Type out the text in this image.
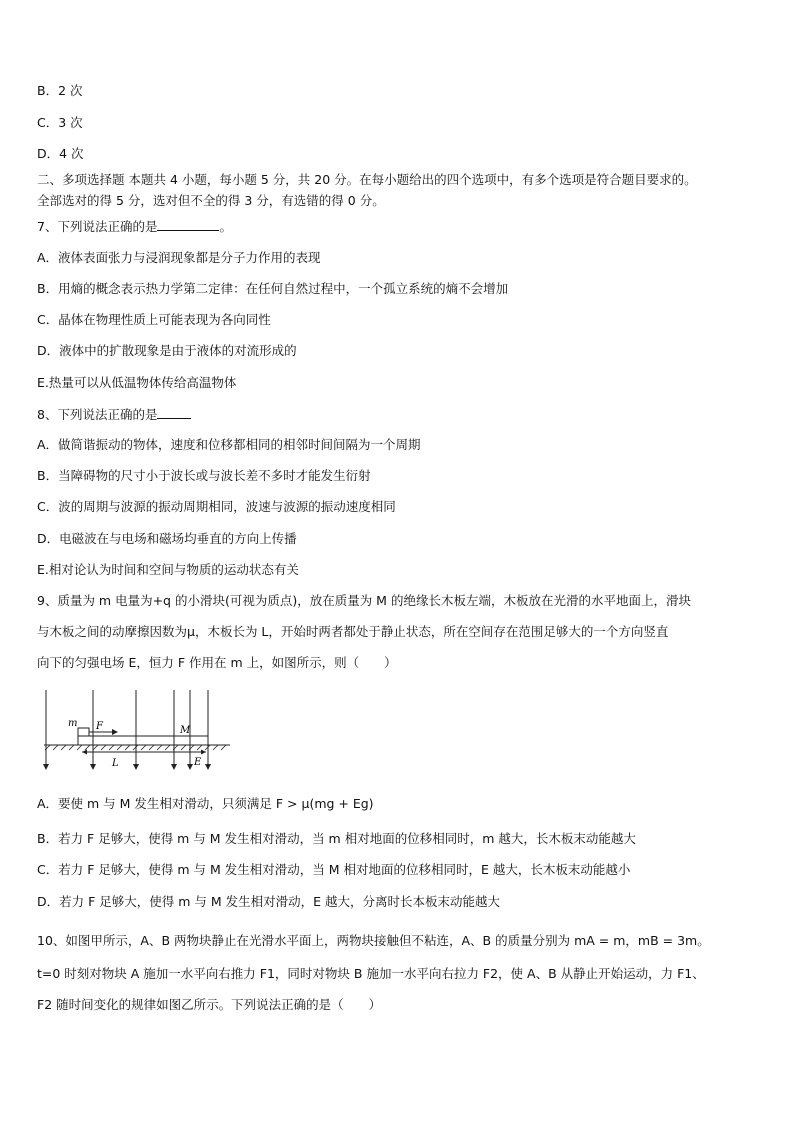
B．2 次
C．3 次
D．4 次
二、多项选择题 本题共 4 小题，每小题 5 分，共 20 分。在每小题给出的四个选项中，有多个选项是符合题目要求的。
全部选对的得 5 分，选对但不全的得 3 分，有选错的得 0 分。
7、下列说法正确的是	。
A．液体表面张力与浸润现象都是分子力作用的表现
B．用熵的概念表示热力学第二定律：在任何自然过程中，一个孤立系统的熵不会增加
C．晶体在物理性质上可能表现为各向同性
D．液体中的扩散现象是由于液体的对流形成的
E.热量可以从低温物体传给高温物体
8、下列说法正确的是
A．做简谐振动的物体，速度和位移都相同的相邻时间间隔为一个周期
B．当障碍物的尺寸小于波长或与波长差不多时才能发生衍射
C．波的周期与波源的振动周期相同，波速与波源的振动速度相同
D．电磁波在与电场和磁场均垂直的方向上传播
E.相对论认为时间和空间与物质的运动状态有关
9、质量为 m 电量为+q 的小滑块(可视为质点)，放在质量为 M 的绝缘长木板左端，木板放在光滑的水平地面上，滑块
与木板之间的动摩擦因数为μ，木板长为 L，开始时两者都处于静止状态，所在空间存在范围足够大的一个方向竖直
向下的匀强电场 E，恒力 F 作用在 m 上，如图所示，则（　　）
m F	M
L	E
A．要使 m 与 M 发生相对滑动，只须满足 F > μ(mg + Eg)
B．若力 F 足够大，使得 m 与 M 发生相对滑动，当 m 相对地面的位移相同时，m 越大，长木板末动能越大
C．若力 F 足够大，使得 m 与 M 发生相对滑动，当 M 相对地面的位移相同时，E 越大，长木板末动能越小
D．若力 F 足够大，使得 m 与 M 发生相对滑动，E 越大，分离时长本板末动能越大
10、如图甲所示，A、B 两物块静止在光滑水平面上，两物块接触但不粘连，A、B 的质量分别为 mA = m，mB = 3m。
t=0 时刻对物块 A 施加一水平向右推力 F1，同时对物块 B 施加一水平向右拉力 F2，使 A、B 从静止开始运动，力 F1、
F2 随时间变化的规律如图乙所示。下列说法正确的是（　　）
